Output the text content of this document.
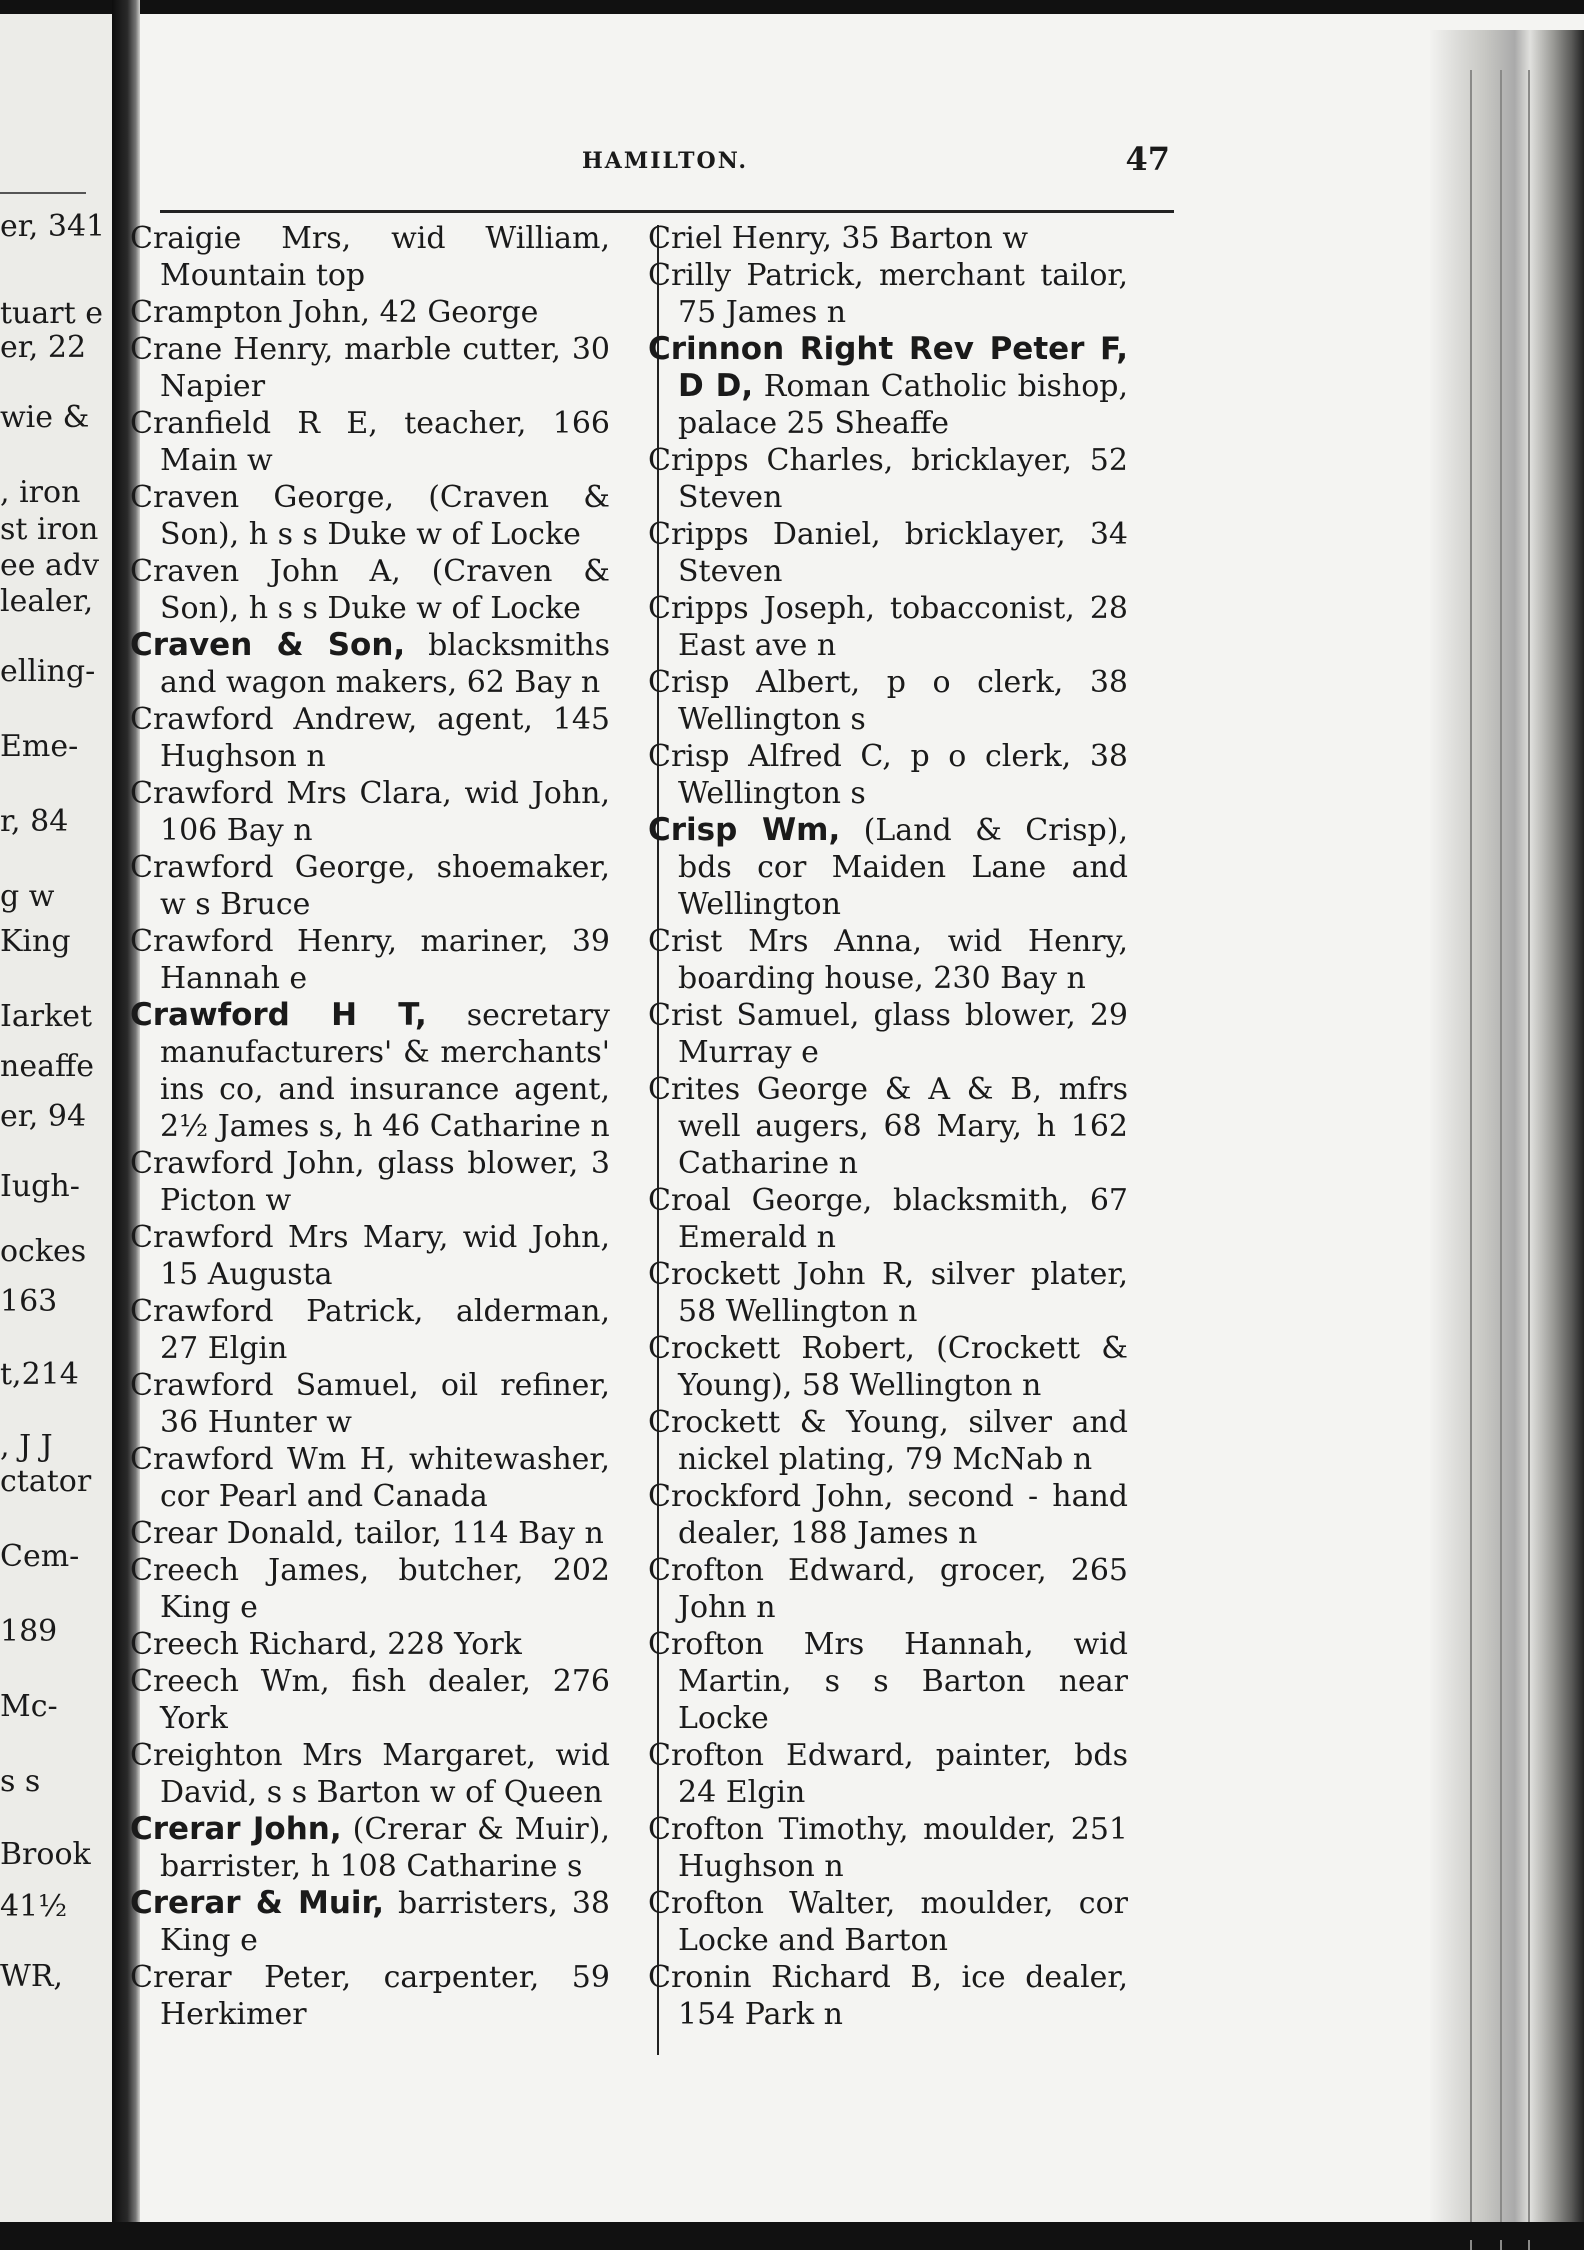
er, 341
tuart e
er, 22
wie &
, iron
st iron
ee adv
lealer,
elling-
Eme-
r, 84
g w
King
Iarket
neaffe
er, 94
Iugh-
ockes
163
t,214
, J J
ctator
Cem-
189
Mc-
s s
Brook
41½
WR,
HAMILTON.	47

Craigie Mrs, wid William, Mountain top

Crampton John, 42 George

Crane Henry, marble cutter, 30 Napier

Cranfield R E, teacher, 166 Main w

Craven George, (Craven & Son), h s s Duke w of Locke

Craven John A, (Craven & Son), h s s Duke w of Locke

Craven & Son, blacksmiths and wagon makers, 62 Bay n

Crawford Andrew, agent, 145 Hughson n

Crawford Mrs Clara, wid John, 106 Bay n

Crawford George, shoemaker, w s Bruce

Crawford Henry, mariner, 39 Hannah e

Crawford H T, secretary manufacturers' & merchants' ins co, and insurance agent, 2½ James s, h 46 Catharine n

Crawford John, glass blower, 3 Picton w

Crawford Mrs Mary, wid John, 15 Augusta

Crawford Patrick, alderman, 27 Elgin

Crawford Samuel, oil refiner, 36 Hunter w

Crawford Wm H, whitewasher, cor Pearl and Canada

Crear Donald, tailor, 114 Bay n

Creech James, butcher, 202 King e

Creech Richard, 228 York

Creech Wm, fish dealer, 276 York

Creighton Mrs Margaret, wid David, s s Barton w of Queen

Crerar John, (Crerar & Muir), barrister, h 108 Catharine s

Crerar & Muir, barristers, 38 King e

Crerar Peter, carpenter, 59 Herkimer

Criel Henry, 35 Barton w

Crilly Patrick, merchant tailor, 75 James n

Crinnon Right Rev Peter F, D D, Roman Catholic bishop, palace 25 Sheaffe

Cripps Charles, bricklayer, 52 Steven

Cripps Daniel, bricklayer, 34 Steven

Cripps Joseph, tobacconist, 28 East ave n

Crisp Albert, p o clerk, 38 Wellington s

Crisp Alfred C, p o clerk, 38 Wellington s

Crisp Wm, (Land & Crisp), bds cor Maiden Lane and Wellington

Crist Mrs Anna, wid Henry, boarding house, 230 Bay n

Crist Samuel, glass blower, 29 Murray e

Crites George & A & B, mfrs well augers, 68 Mary, h 162 Catharine n

Croal George, blacksmith, 67 Emerald n

Crockett John R, silver plater, 58 Wellington n

Crockett Robert, (Crockett & Young), 58 Wellington n

Crockett & Young, silver and nickel plating, 79 McNab n

Crockford John, second - hand dealer, 188 James n

Crofton Edward, grocer, 265 John n

Crofton Mrs Hannah, wid Martin, s s Barton near Locke

Crofton Edward, painter, bds 24 Elgin

Crofton Timothy, moulder, 251 Hughson n

Crofton Walter, moulder, cor Locke and Barton

Cronin Richard B, ice dealer, 154 Park n
